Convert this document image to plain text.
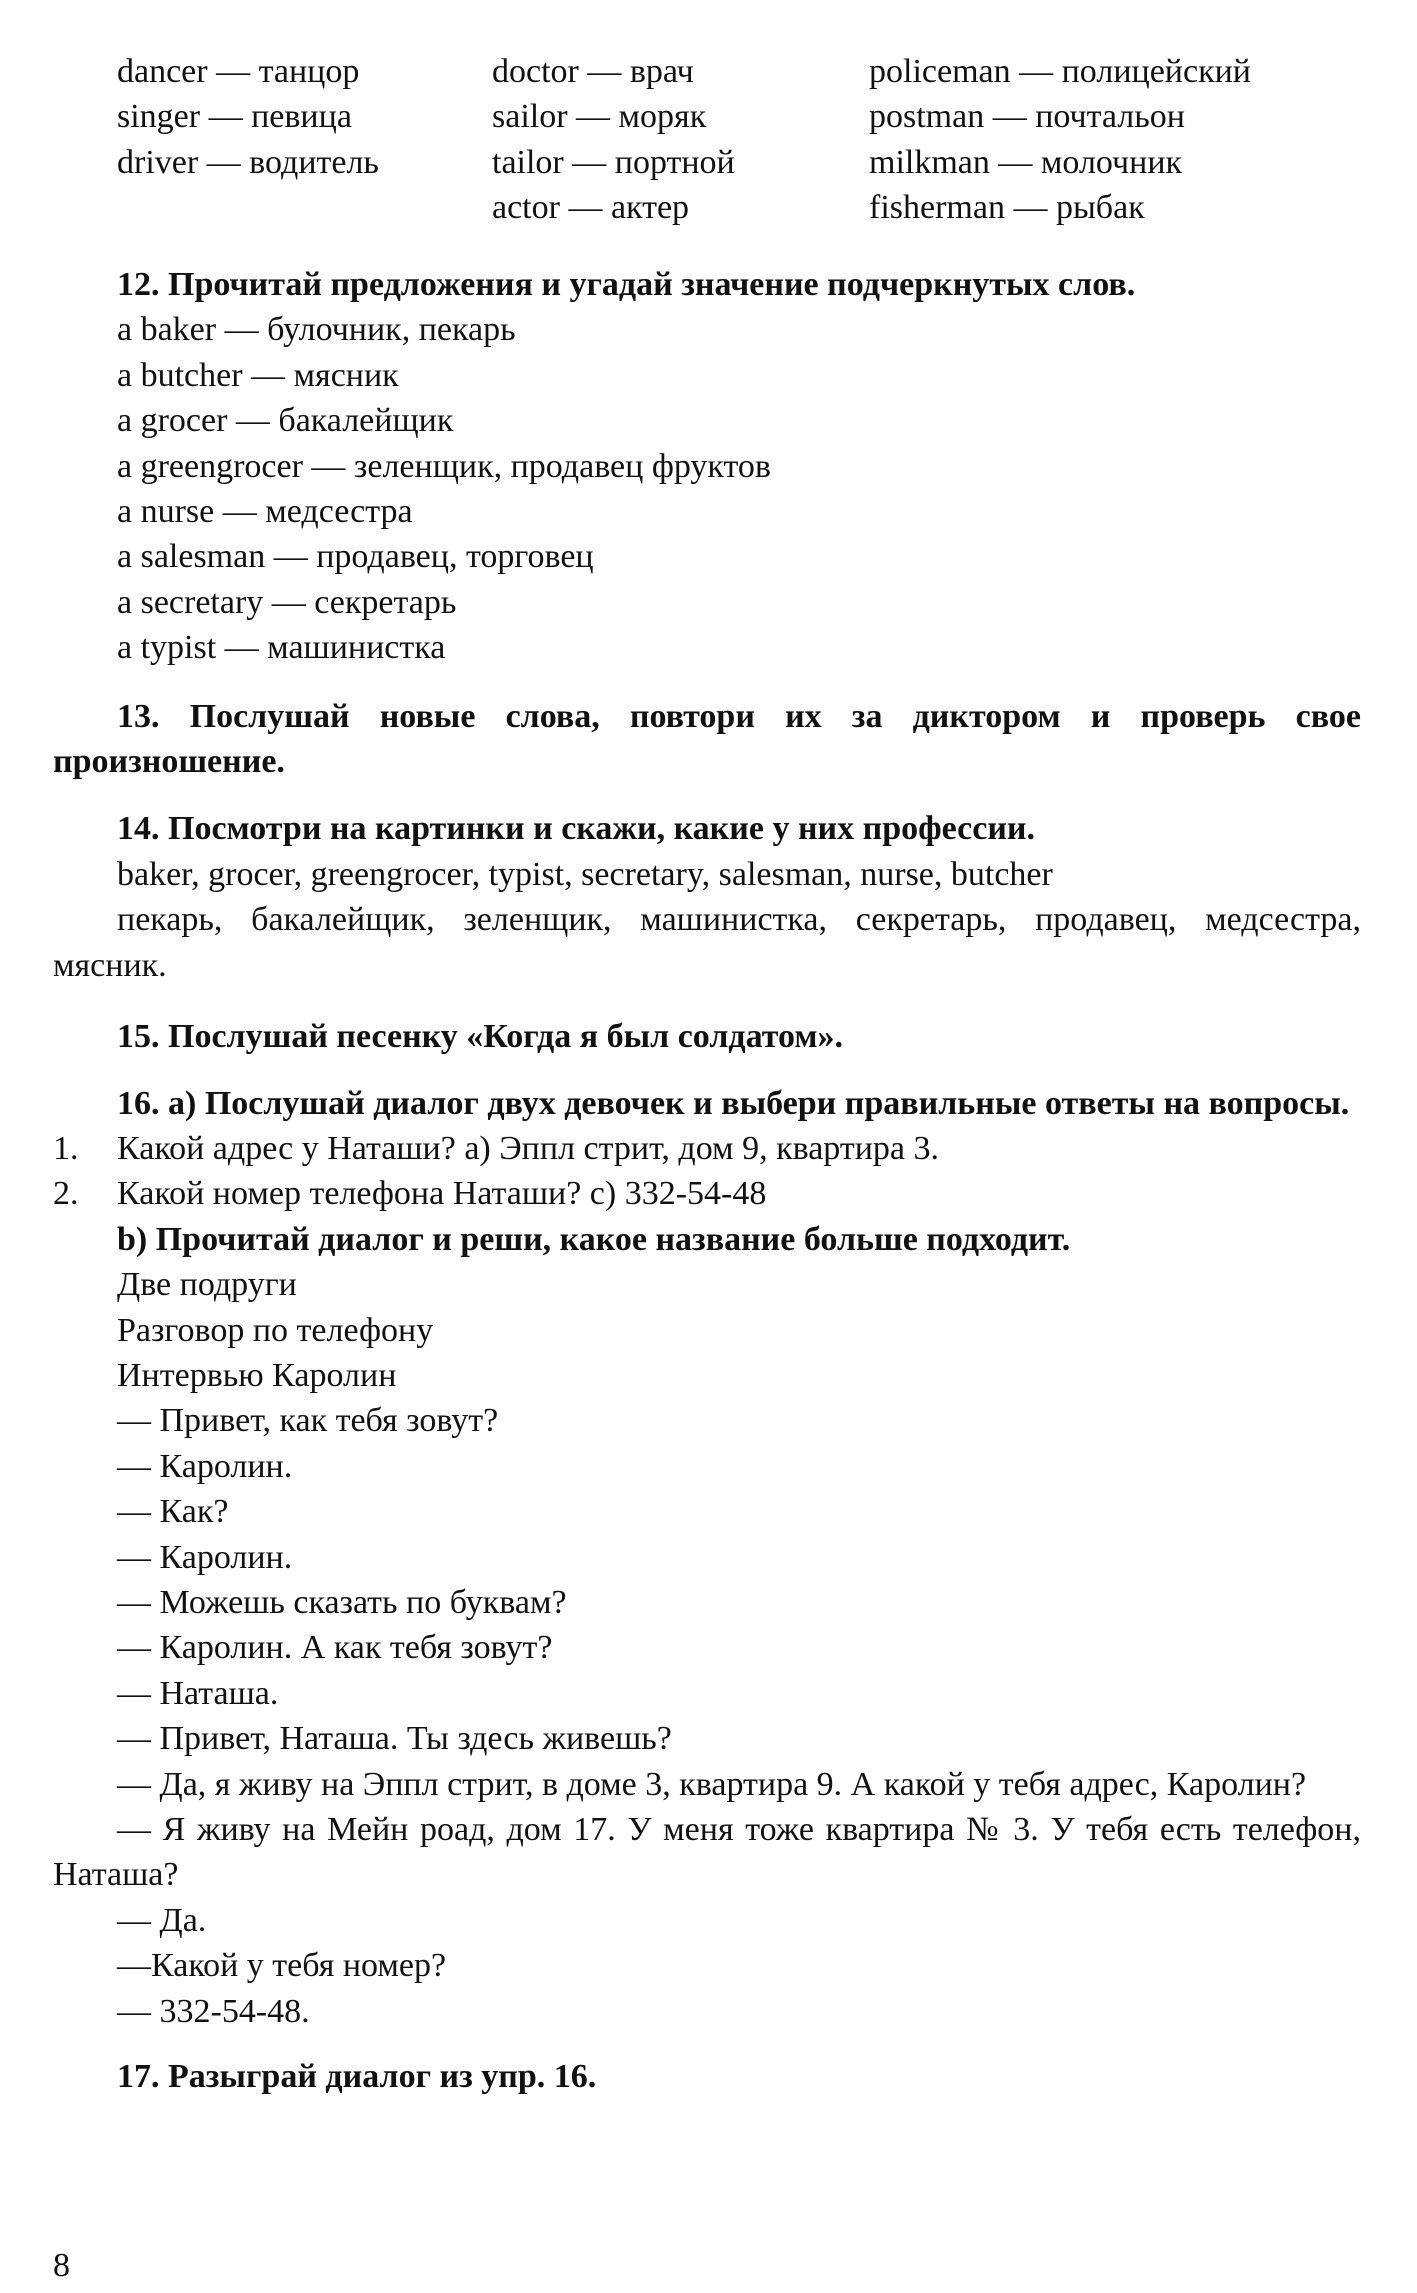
dancer — танцор
singer — певица
driver — водитель
doctor — врач
sailor — моряк
tailor — портной
actor — актер
policeman — полицейский
postman — почтальон
milkman — молочник
fisherman — рыбак
12. Прочитай предложения и угадай значение подчеркнутых слов.
a baker — булочник, пекарь
a butcher — мясник
a grocer — бакалейщик
a greengrocer — зеленщик, продавец фруктов
a nurse — медсестра
a salesman — продавец, торговец
a secretary — секретарь
a typist — машинистка
13. Послушай новые слова, повтори их за диктором и проверь свое произношение.
14. Посмотри на картинки и скажи, какие у них профессии.
baker, grocer, greengrocer, typist, secretary, salesman, nurse, butcher
пекарь, бакалейщик, зеленщик, машинистка, секретарь, продавец, медсестра, мясник.
15. Послушай песенку «Когда я был солдатом».
16. а) Послушай диалог двух девочек и выбери правильные ответы на вопросы.
1. Какой адрес у Наташи? а) Эппл стрит, дом 9, квартира 3.
2. Какой номер телефона Наташи? с) 332-54-48
b) Прочитай диалог и реши, какое название больше подходит.
Две подруги
Разговор по телефону
Интервью Каролин
— Привет, как тебя зовут?
— Каролин.
— Как?
— Каролин.
— Можешь сказать по буквам?
— Каролин. А как тебя зовут?
— Наташа.
— Привет, Наташа. Ты здесь живешь?
— Да, я живу на Эппл стрит, в доме 3, квартира 9. А какой у тебя адрес, Каролин?
— Я живу на Мейн роад, дом 17. У меня тоже квартира № 3. У тебя есть телефон, Наташа?
— Да.
—Какой у тебя номер?
— 332-54-48.
17. Разыграй диалог из упр. 16.
8
